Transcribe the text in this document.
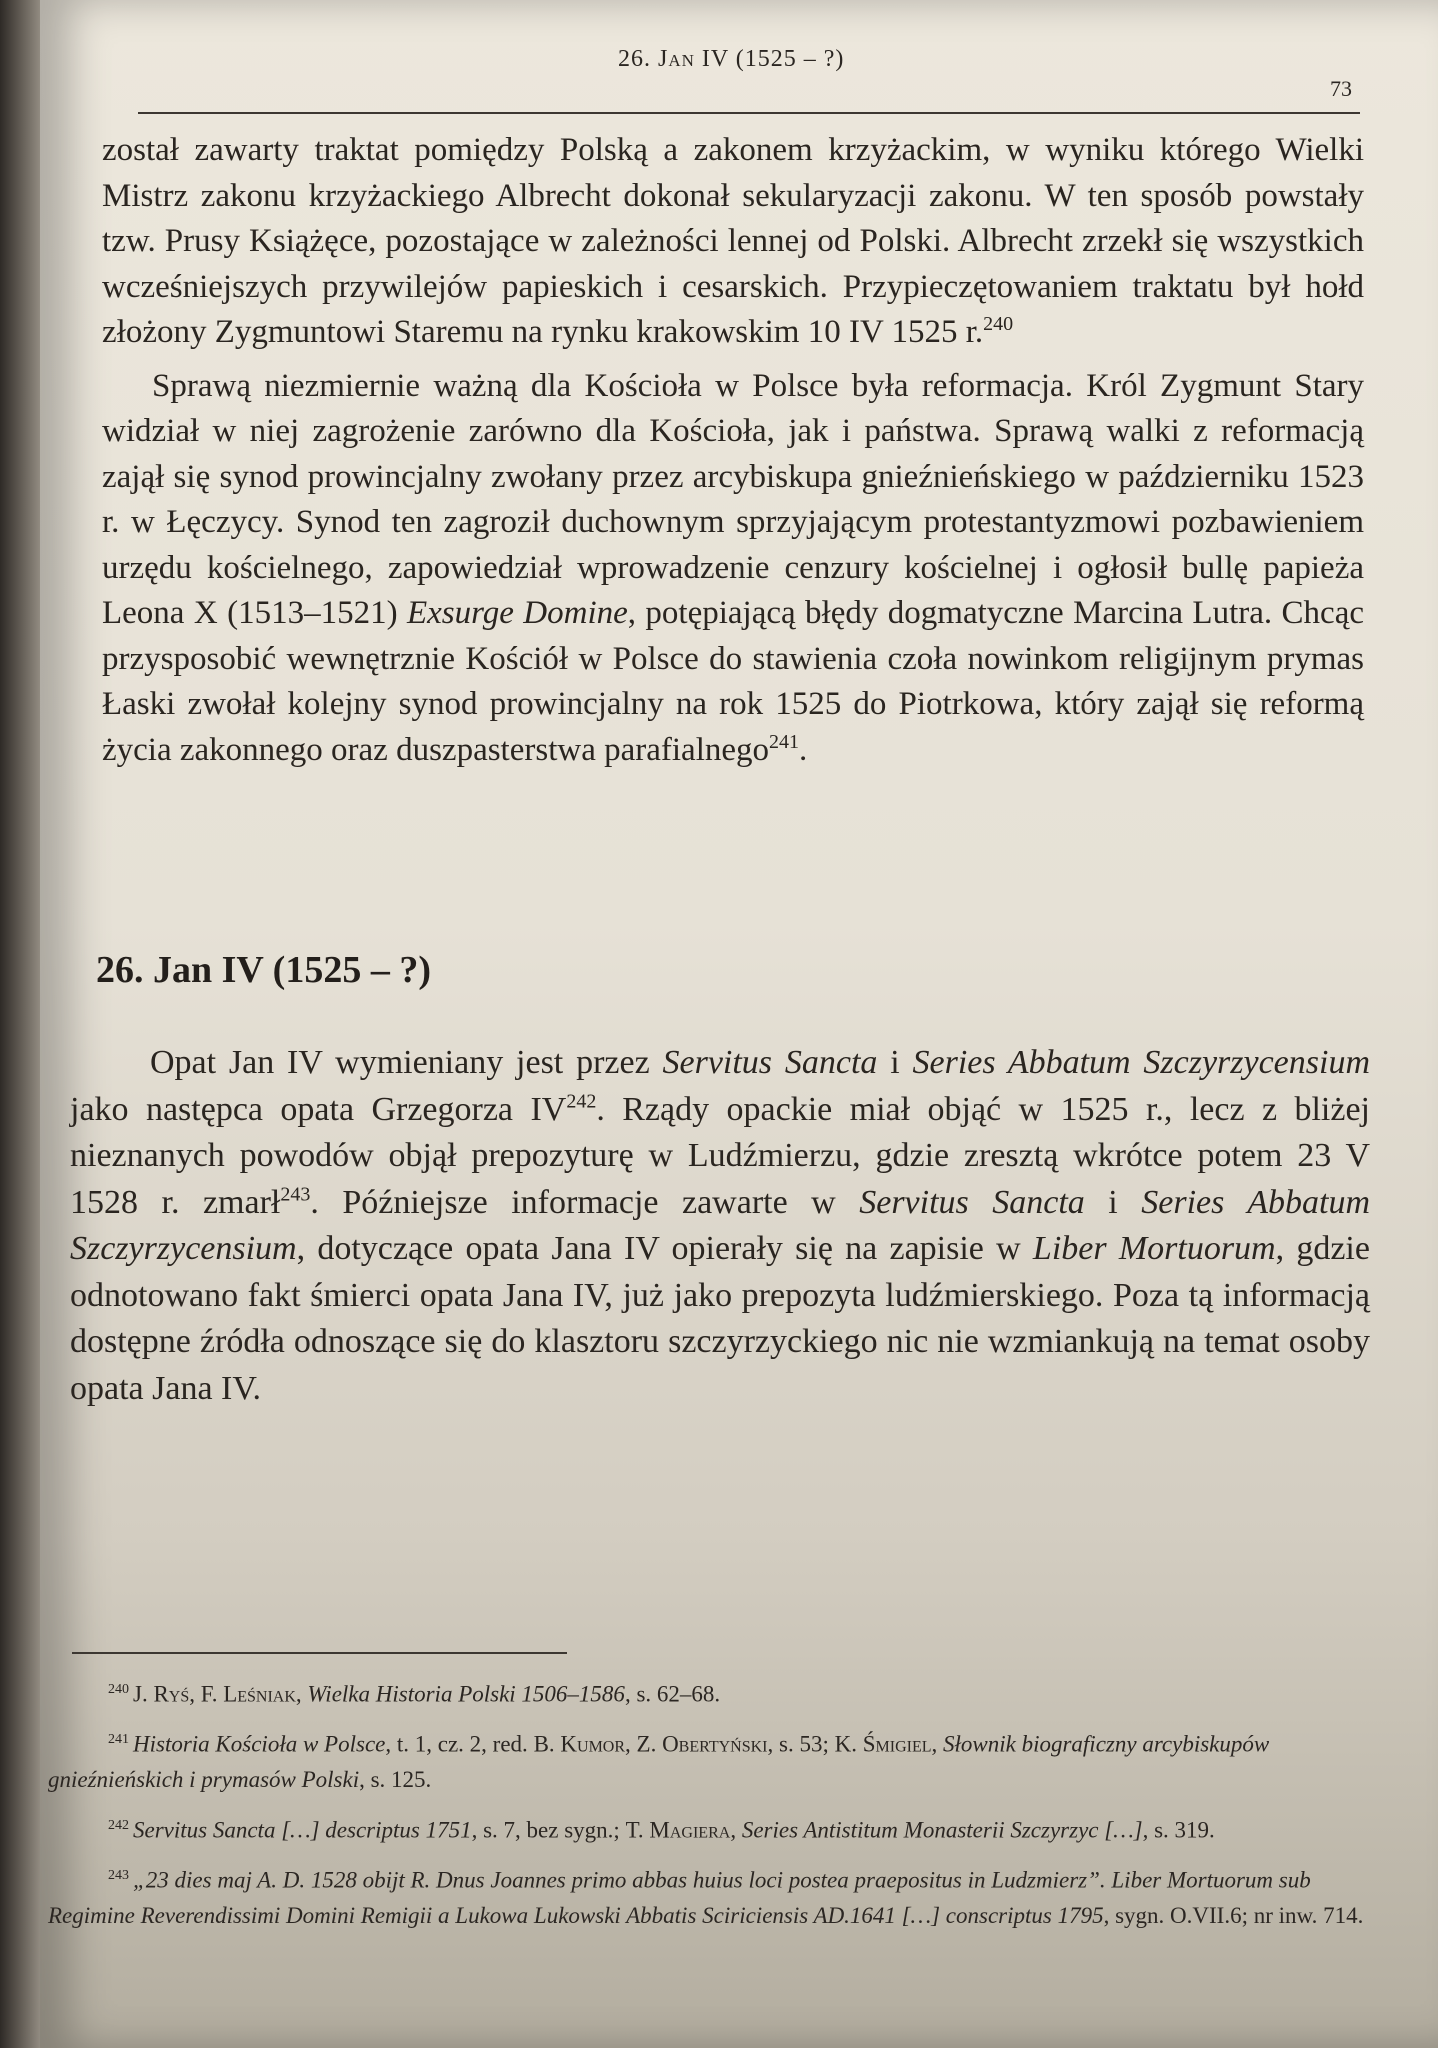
26. Jan IV (1525 – ?)
73

został zawarty traktat pomiędzy Polską a zakonem krzyżackim, w wyniku którego Wielki Mistrz zakonu krzyżackiego Albrecht dokonał sekularyzacji zakonu. W ten sposób powstały tzw. Prusy Książęce, pozostające w zależności lennej od Polski. Albrecht zrzekł się wszystkich wcześniejszych przywilejów papieskich i cesarskich. Przypieczętowaniem traktatu był hołd złożony Zygmuntowi Staremu na rynku krakowskim 10 IV 1525 r.$^{240}$

Sprawą niezmiernie ważną dla Kościoła w Polsce była reformacja. Król Zygmunt Stary widział w niej zagrożenie zarówno dla Kościoła, jak i państwa. Sprawą walki z reformacją zajął się synod prowincjalny zwołany przez arcybiskupa gnieźnieńskiego w październiku 1523 r. w Łęczycy. Synod ten zagroził duchownym sprzyjającym protestantyzmowi pozbawieniem urzędu kościelnego, zapowiedział wprowadzenie cenzury kościelnej i ogłosił bullę papieża Leona X (1513–1521) Exsurge Domine, potępiającą błędy dogmatyczne Marcina Lutra. Chcąc przysposobić wewnętrznie Kościół w Polsce do stawienia czoła nowinkom religijnym prymas Łaski zwołał kolejny synod prowincjalny na rok 1525 do Piotrkowa, który zajął się reformą życia zakonnego oraz duszpasterstwa parafialnego$^{241}$.

26. Jan IV (1525 – ?)

Opat Jan IV wymieniany jest przez Servitus Sancta i Series Abbatum Szczyrzycensium jako następca opata Grzegorza IV$^{242}$. Rządy opackie miał objąć w 1525 r., lecz z bliżej nieznanych powodów objął prepozyturę w Ludźmierzu, gdzie zresztą wkrótce potem 23 V 1528 r. zmarł$^{243}$. Późniejsze informacje zawarte w Servitus Sancta i Series Abbatum Szczyrzycensium, dotyczące opata Jana IV opierały się na zapisie w Liber Mortuorum, gdzie odnotowano fakt śmierci opata Jana IV, już jako prepozyta ludźmierskiego. Poza tą informacją dostępne źródła odnoszące się do klasztoru szczyrzyckiego nic nie wzmiankują na temat osoby opata Jana IV.

$^{240}$ J. Ryś, F. Leśniak, Wielka Historia Polski 1506–1586, s. 62–68.

$^{241}$ Historia Kościoła w Polsce, t. 1, cz. 2, red. B. Kumor, Z. Obertyński, s. 53; K. Śmigiel, Słownik biograficzny arcybiskupów gnieźnieńskich i prymasów Polski, s. 125.

$^{242}$ Servitus Sancta […] descriptus 1751, s. 7, bez sygn.; T. Magiera, Series Antistitum Monasterii Szczyrzyc […], s. 319.

$^{243}$ „23 dies maj A. D. 1528 obijt R. Dnus Joannes primo abbas huius loci postea praepositus in Ludzmierz”. Liber Mortuorum sub Regimine Reverendissimi Domini Remigii a Lukowa Lukowski Abbatis Sciriciensis AD.1641 […] conscriptus 1795, sygn. O.VII.6; nr inw. 714.
